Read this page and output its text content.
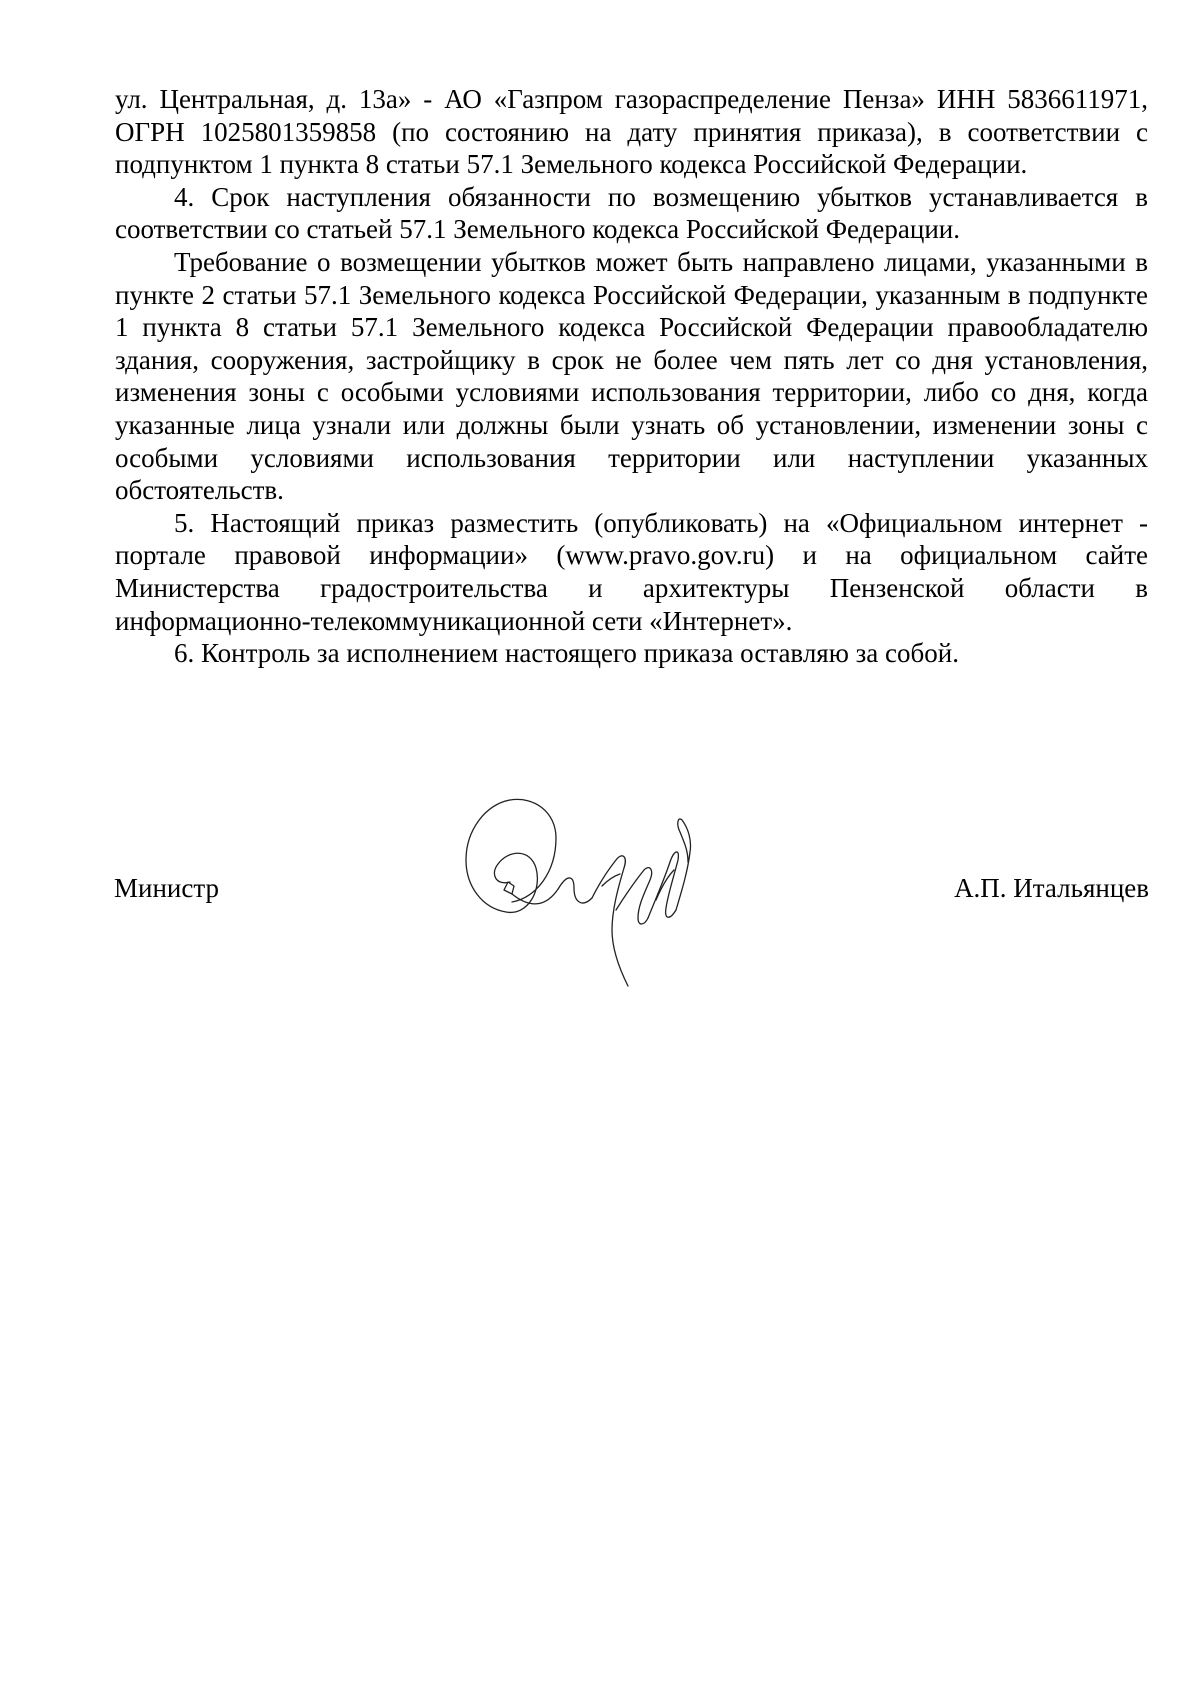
ул. Центральная, д. 13а» - АО «Газпром газораспределение Пенза» ИНН 5836611971, ОГРН 1025801359858 (по состоянию на дату принятия приказа), в соответствии с подпунктом 1 пункта 8 статьи 57.1 Земельного кодекса Российской Федерации.

4. Срок наступления обязанности по возмещению убытков устанавливается в соответствии со статьей 57.1 Земельного кодекса Российской Федерации.

Требование о возмещении убытков может быть направлено лицами, указанными в пункте 2 статьи 57.1 Земельного кодекса Российской Федерации, указанным в подпункте 1 пункта 8 статьи 57.1 Земельного кодекса Российской Федерации правообладателю здания, сооружения, застройщику в срок не более чем пять лет со дня установления, изменения зоны с особыми условиями использования территории, либо со дня, когда указанные лица узнали или должны были узнать об установлении, изменении зоны с особыми условиями использования территории или наступлении указанных обстоятельств.

5. Настоящий приказ разместить (опубликовать) на «Официальном интернет - портале правовой информации» (www.pravo.gov.ru) и на официальном сайте Министерства градостроительства и архитектуры Пензенской области в информационно-телекоммуникационной сети «Интернет».

6. Контроль за исполнением настоящего приказа оставляю за собой.

Министр	А.П. Итальянцев
